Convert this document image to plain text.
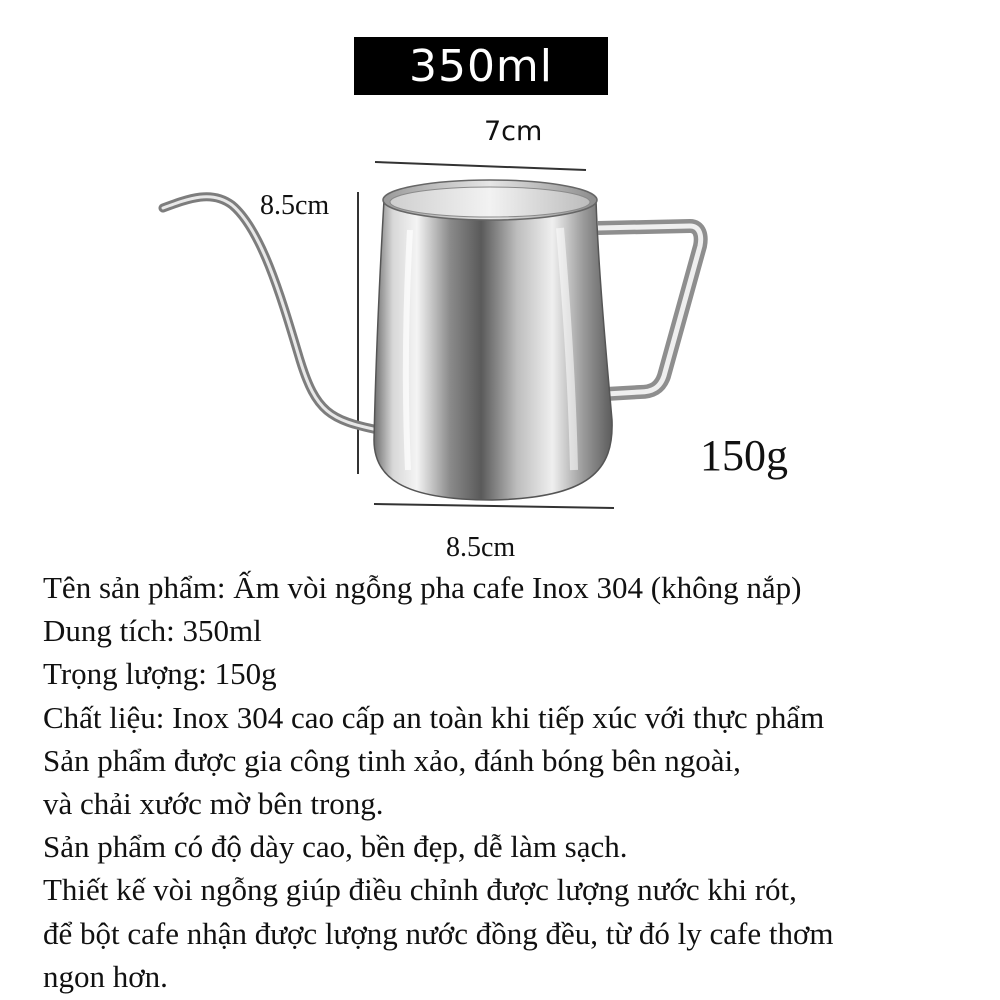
350ml
7cm
8.5cm
8.5cm
150g
Tên sản phẩm: Ấm vòi ngỗng pha cafe Inox 304 (không nắp)
Dung tích: 350ml
Trọng lượng: 150g
Chất liệu: Inox 304 cao cấp an toàn khi tiếp xúc với thực phẩm
Sản phẩm được gia công tinh xảo, đánh bóng bên ngoài,
và chải xước mờ bên trong.
Sản phẩm có độ dày cao, bền đẹp, dễ làm sạch.
Thiết kế vòi ngỗng giúp điều chỉnh được lượng nước khi rót,
để bột cafe nhận được lượng nước đồng đều, từ đó ly cafe thơm
ngon hơn.
